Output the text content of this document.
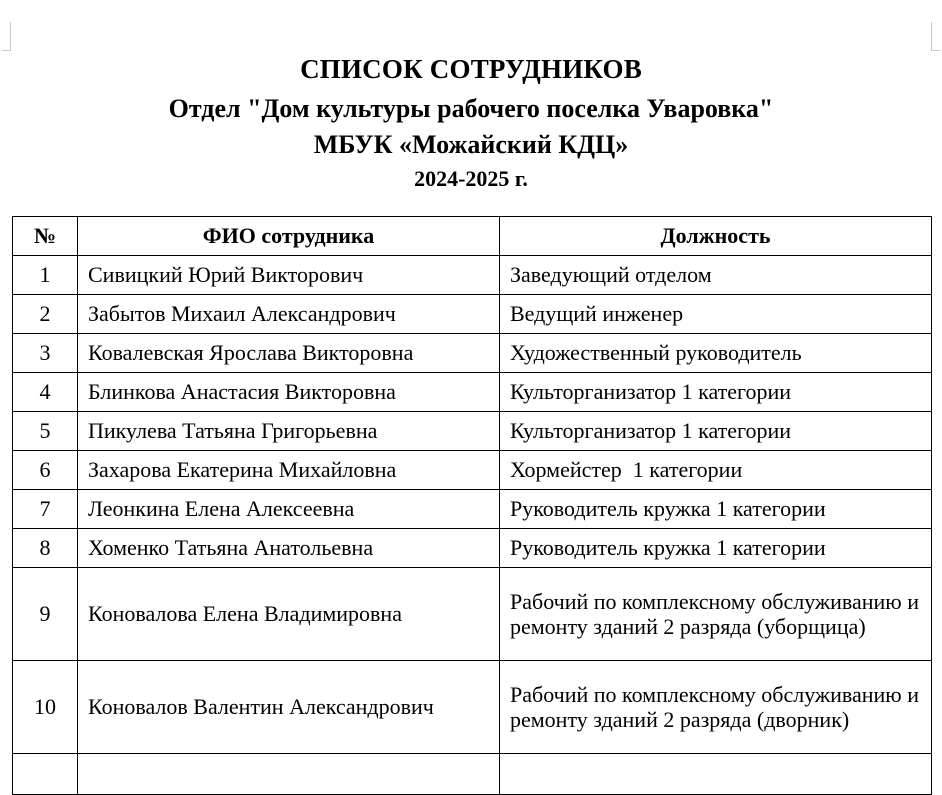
СПИСОК СОТРУДНИКОВ
Отдел "Дом культуры рабочего поселка Уваровка"
МБУК «Можайский КДЦ»
2024-2025 г.
№	ФИО сотрудника	Должность
1	Сивицкий Юрий Викторович	Заведующий отделом
2	Забытов Михаил Александрович	Ведущий инженер
3	Ковалевская Ярослава Викторовна	Художественный руководитель
4	Блинкова Анастасия Викторовна	Культорганизатор 1 категории
5	Пикулева Татьяна Григорьевна	Культорганизатор 1 категории
6	Захарова Екатерина Михайловна	Хормейстер  1 категории
7	Леонкина Елена Алексеевна	Руководитель кружка 1 категории
8	Хоменко Татьяна Анатольевна	Руководитель кружка 1 категории
9	Коновалова Елена Владимировна	Рабочий по комплексному обслуживанию и ремонту зданий 2 разряда (уборщица)
10	Коновалов Валентин Александрович	Рабочий по комплексному обслуживанию и ремонту зданий 2 разряда (дворник)
